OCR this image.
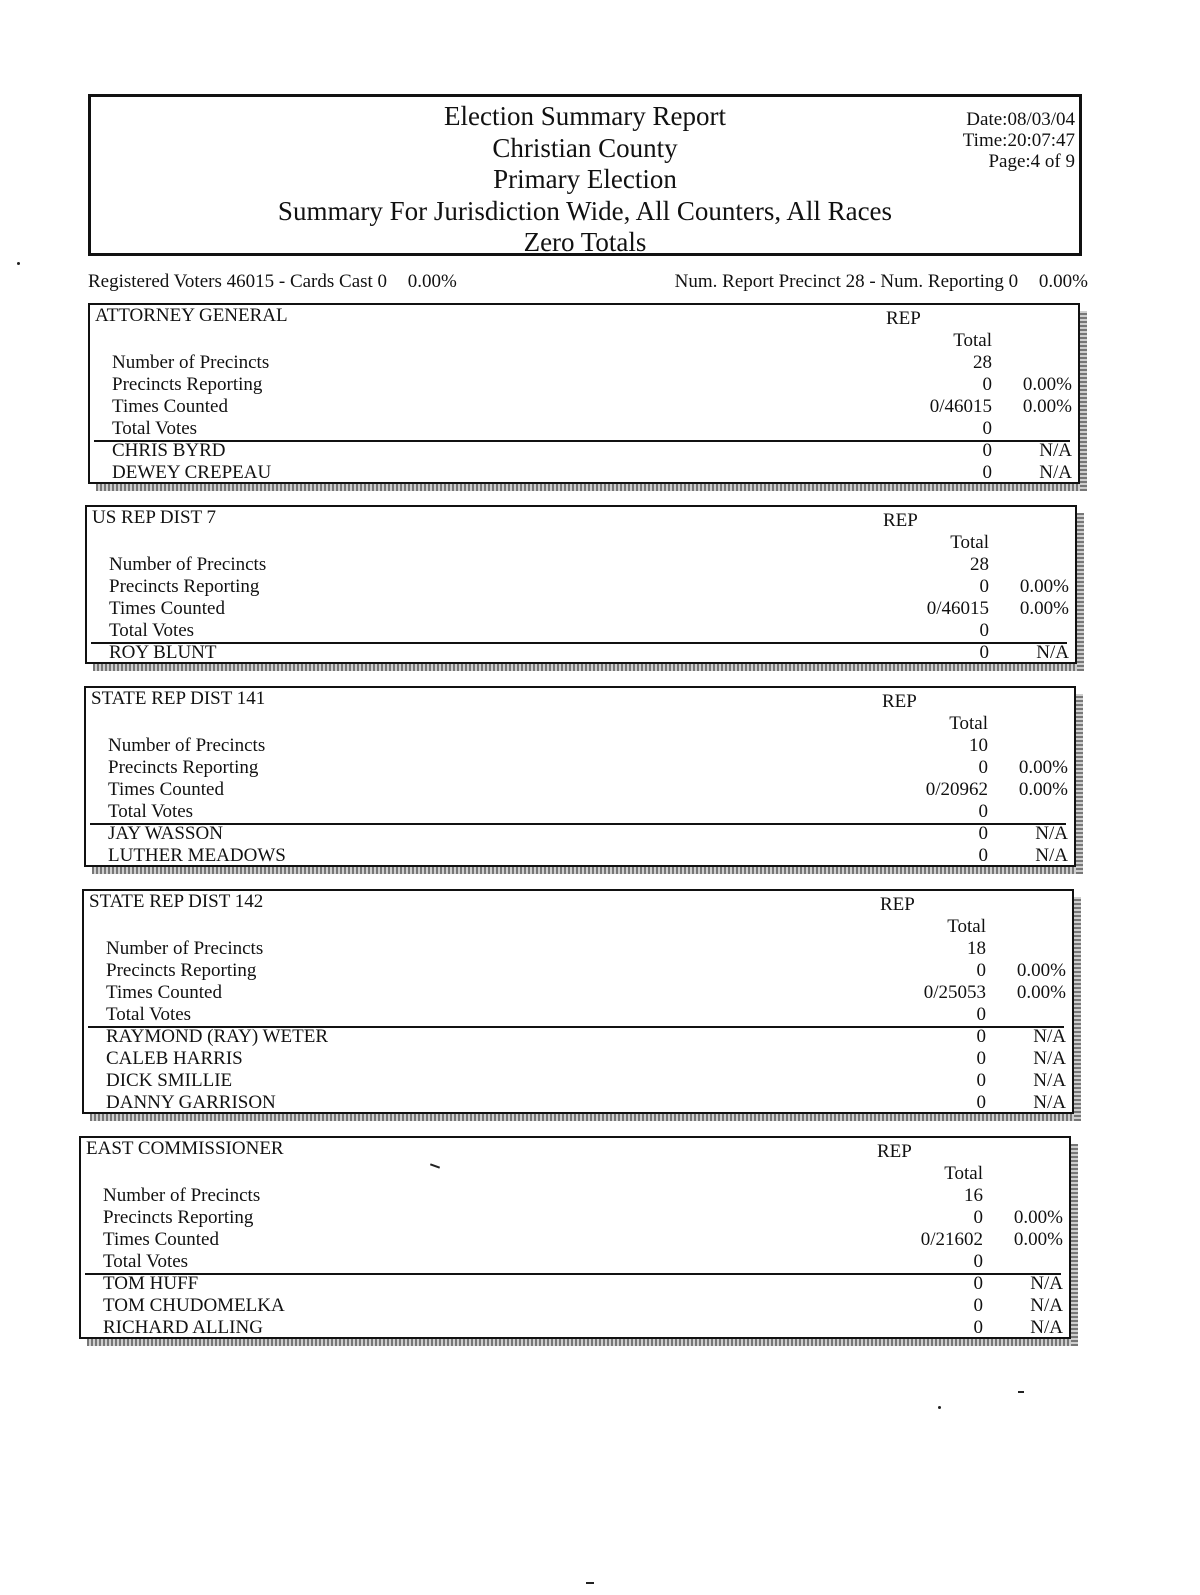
Election Summary Report
Christian County
Primary Election
Summary For Jurisdiction Wide, All Counters, All Races
Zero Totals
Date:08/03/04
Time:20:07:47
Page:4 of 9
Registered Voters 46015 - Cards Cast 0 0.00%	Num. Report Precinct 28 - Num. Reporting 0 0.00%
ATTORNEY GENERAL	REP
Total
Number of Precincts	28
Precincts Reporting	0 0.00%
Times Counted	0/46015 0.00%
Total Votes	0
CHRIS BYRD	0 N/A
DEWEY CREPEAU	0 N/A
US REP DIST 7	REP
Total
Number of Precincts	28
Precincts Reporting	0 0.00%
Times Counted	0/46015 0.00%
Total Votes	0
ROY BLUNT	0 N/A
STATE REP DIST 141	REP
Total
Number of Precincts	10
Precincts Reporting	0 0.00%
Times Counted	0/20962 0.00%
Total Votes	0
JAY WASSON	0 N/A
LUTHER MEADOWS	0 N/A
STATE REP DIST 142	REP
Total
Number of Precincts	18
Precincts Reporting	0 0.00%
Times Counted	0/25053 0.00%
Total Votes	0
RAYMOND (RAY) WETER	0 N/A
CALEB HARRIS	0 N/A
DICK SMILLIE	0 N/A
DANNY GARRISON	0 N/A
EAST COMMISSIONER	REP
Total
Number of Precincts	16
Precincts Reporting	0 0.00%
Times Counted	0/21602 0.00%
Total Votes	0
TOM HUFF	0 N/A
TOM CHUDOMELKA	0 N/A
RICHARD ALLING	0 N/A
